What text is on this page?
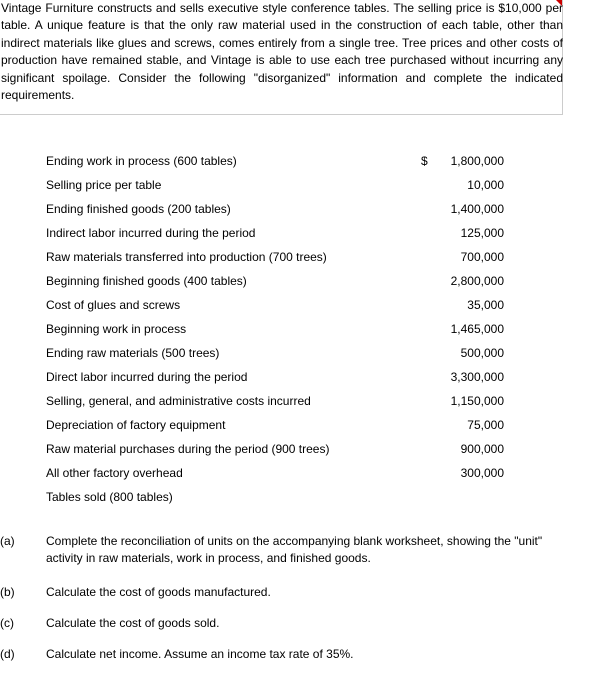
Vintage Furniture constructs and sells executive style conference tables. The selling price is $10,000 per table. A unique feature is that the only raw material used in the construction of each table, other than indirect materials like glues and screws, comes entirely from a single tree. Tree prices and other costs of production have remained stable, and Vintage is able to use each tree purchased without incurring any significant spoilage. Consider the following "disorganized" information and complete the indicated requirements.

Ending work in process (600 tables)	$ 1,800,000
Selling price per table	10,000
Ending finished goods (200 tables)	1,400,000
Indirect labor incurred during the period	125,000
Raw materials transferred into production (700 trees)	700,000
Beginning finished goods (400 tables)	2,800,000
Cost of glues and screws	35,000
Beginning work in process	1,465,000
Ending raw materials (500 trees)	500,000
Direct labor incurred during the period	3,300,000
Selling, general, and administrative costs incurred	1,150,000
Depreciation of factory equipment	75,000
Raw material purchases during the period (900 trees)	900,000
All other factory overhead	300,000
Tables sold (800 tables)
(a)	Complete the reconciliation of units on the accompanying blank worksheet, showing the "unit" activity in raw materials, work in process, and finished goods.
(b)	Calculate the cost of goods manufactured.
(c)	Calculate the cost of goods sold.
(d)	Calculate net income. Assume an income tax rate of 35%.
